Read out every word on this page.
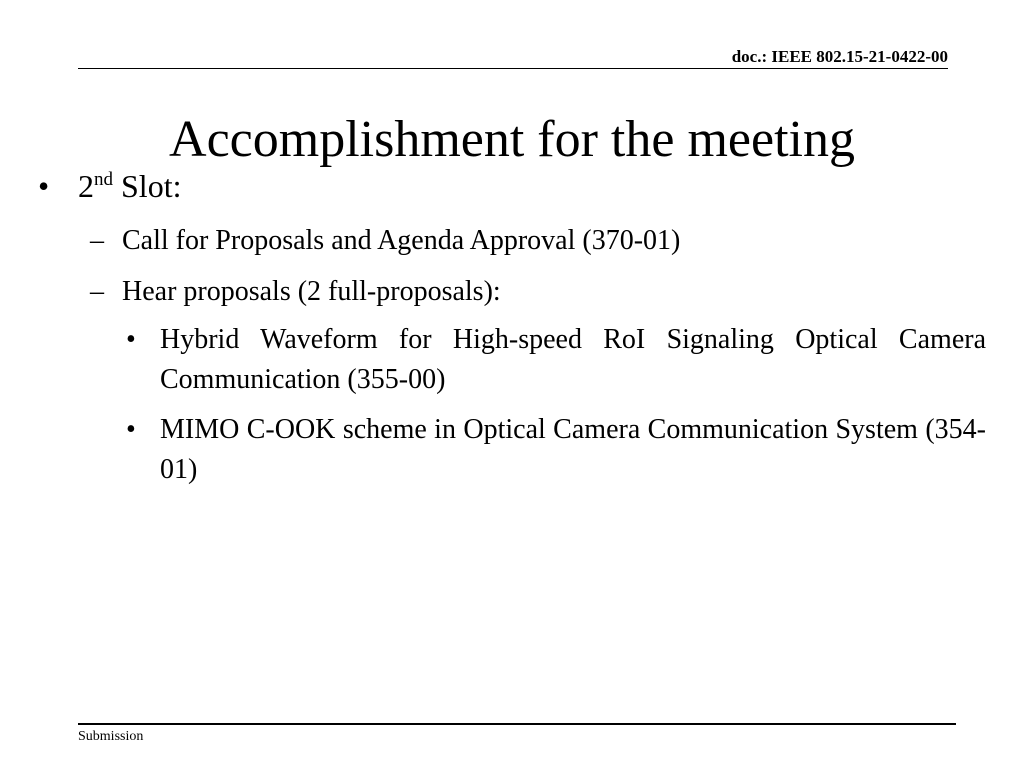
doc.: IEEE 802.15-21-0422-00
Accomplishment for the meeting
• 2nd Slot:
– Call for Proposals and Agenda Approval (370-01)
– Hear proposals (2 full-proposals):
• Hybrid Waveform for High-speed RoI Signaling Optical Camera Communication (355-00)
• MIMO C-OOK scheme in Optical Camera Communication System (354-01)
Submission
